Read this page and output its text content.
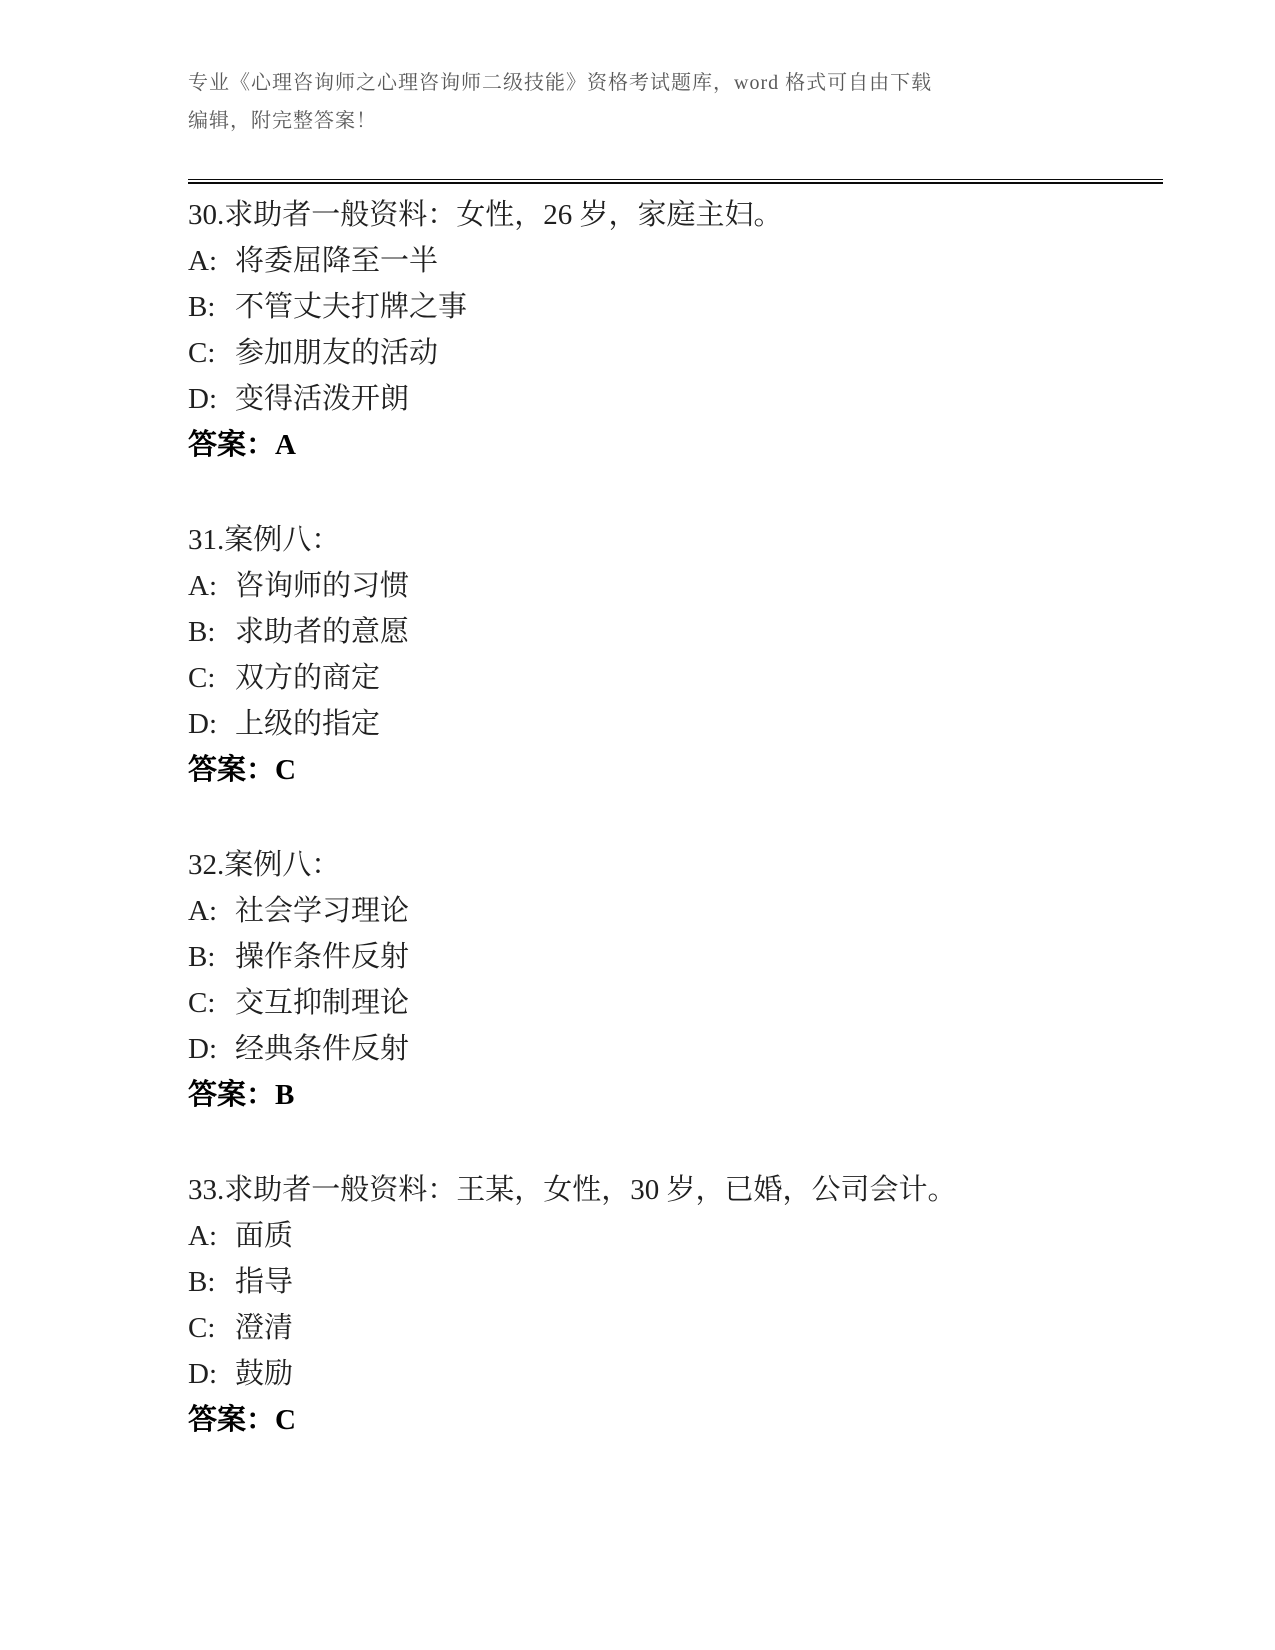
专业《心理咨询师之心理咨询师二级技能》资格考试题库，word 格式可自由下载
编辑，附完整答案！
30.求助者一般资料：女性，26 岁，家庭主妇。
A: 将委屈降至一半
B: 不管丈夫打牌之事
C: 参加朋友的活动
D: 变得活泼开朗
答案：A
31.案例八：
A: 咨询师的习惯
B: 求助者的意愿
C: 双方的商定
D: 上级的指定
答案：C
32.案例八：
A: 社会学习理论
B: 操作条件反射
C: 交互抑制理论
D: 经典条件反射
答案：B
33.求助者一般资料：王某，女性，30 岁，已婚，公司会计。
A: 面质
B: 指导
C: 澄清
D: 鼓励
答案：C
